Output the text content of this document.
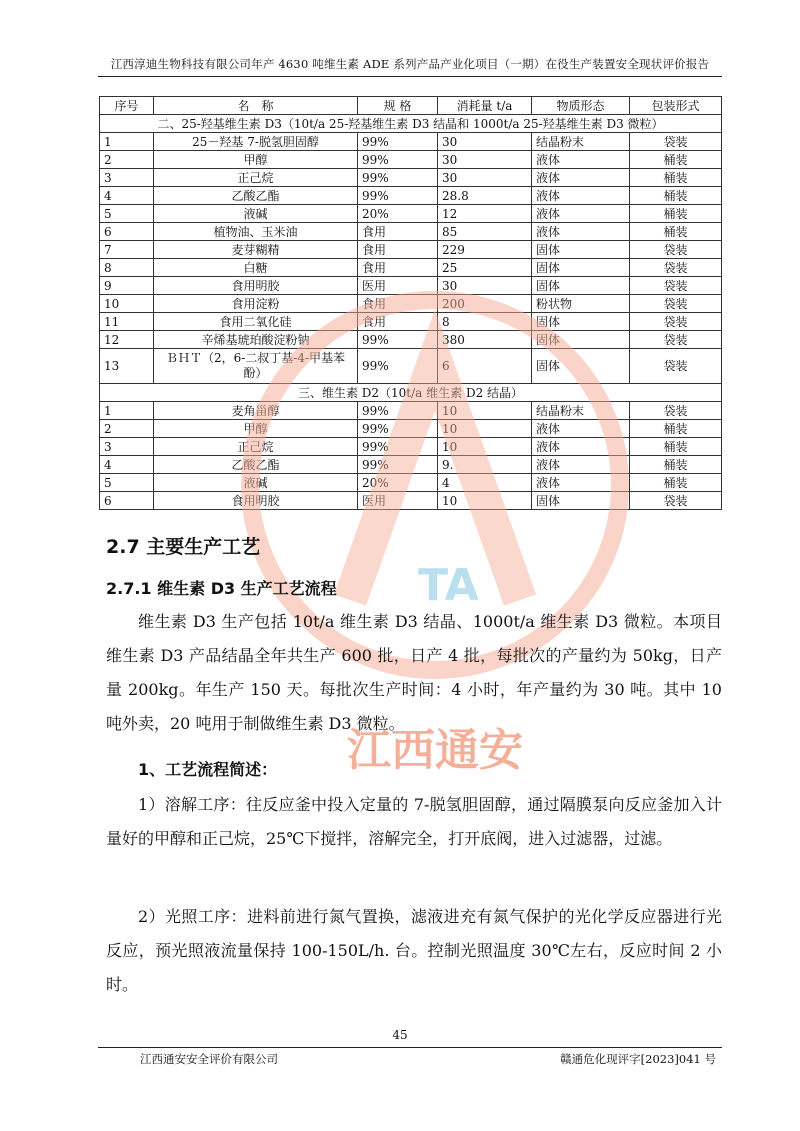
江西淳迪生物科技有限公司年产 4630 吨维生素 ADE 系列产品产业化项目（一期）在役生产装置安全现状评价报告
序号	名　称	规 格	消耗量 t/a	物质形态	包装形式
二、25-羟基维生素 D3（10t/a 25-羟基维生素 D3 结晶和 1000t/a 25-羟基维生素 D3 微粒）					
1	25－羟基 7-脱氢胆固醇	99%	30	结晶粉末	袋装
2	甲醇	99%	30	液体	桶装
3	正己烷	99%	30	液体	桶装
4	乙酸乙酯	99%	28.8	液体	桶装
5	液碱	20%	12	液体	桶装
6	植物油、玉米油	食用	85	液体	桶装
7	麦芽糊精	食用	229	固体	袋装
8	白糖	食用	25	固体	袋装
9	食用明胶	医用	30	固体	袋装
10	食用淀粉	食用	200	粉状物	袋装
11	食用二氧化硅	食用	8	固体	袋装
12	辛烯基琥珀酸淀粉钠	99%	380	固体	袋装
13	ＢＨＴ（2，6-二叔丁基-4-甲基苯酚）	99%	6	固体	袋装
三、维生素 D2（10t/a 维生素 D2 结晶）					
1	麦角甾醇	99%	10	结晶粉末	袋装
2	甲醇	99%	10	液体	桶装
3	正己烷	99%	10	液体	桶装
4	乙酸乙酯	99%	9.	液体	桶装
5	液碱	20%	4	液体	桶装
6	食用明胶	医用	10	固体	袋装
TA
江西通安
2.7 主要生产工艺
2.7.1 维生素 D3 生产工艺流程
维生素 D3 生产包括 10t/a 维生素 D3 结晶、1000t/a 维生素 D3 微粒。本项目维生素 D3 产品结晶全年共生产 600 批，日产 4 批，每批次的产量约为 50kg，日产量 200kg。年生产 150 天。每批次生产时间：4 小时，年产量约为 30 吨。其中 10 吨外卖，20 吨用于制做维生素 D3 微粒。
1、工艺流程简述：
1）溶解工序：往反应釜中投入定量的 7-脱氢胆固醇，通过隔膜泵向反应釜加入计量好的甲醇和正己烷，25℃下搅拌，溶解完全，打开底阀，进入过滤器，过滤。
2）光照工序：进料前进行氮气置换，滤液进充有氮气保护的光化学反应器进行光反应，预光照液流量保持 100-150L/h. 台。控制光照温度 30℃左右，反应时间 2 小时。
45
江西通安安全评价有限公司	赣通危化现评字[2023]041 号
